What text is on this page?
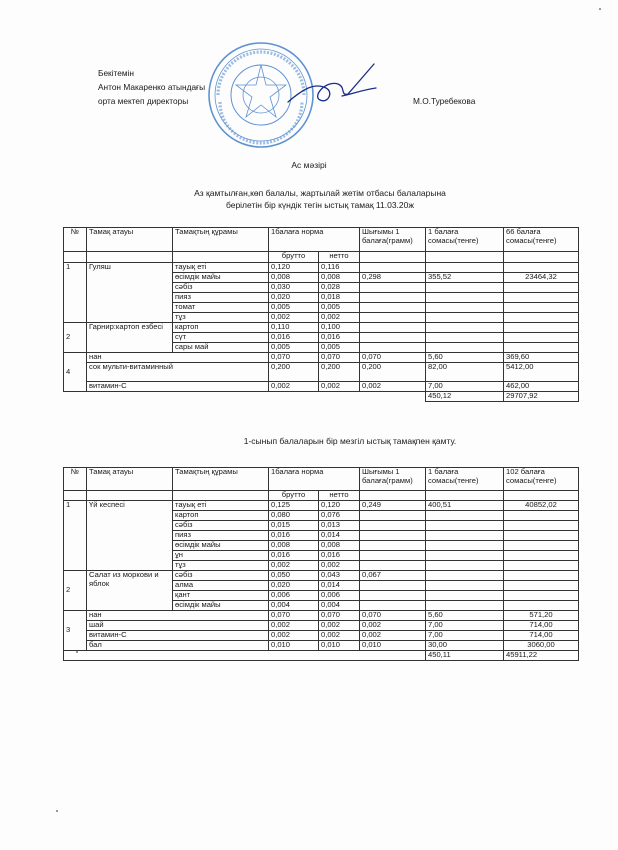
Бекітемін
Антон Макаренко атындағы
орта мектеп директоры	М.О.Туребекова
Ас мәзірі
Аз қамтылған,көп балалы, жартылай жетім отбасы балаларына
берілетін бір күндік тегін ыстық тамақ 11.03.20ж
№	Тамақ атауы	Тамақтың құрамы	1балаға норма		Шығымы 1 балаға(грамм)	1 балаға сомасы(тенге)	66 балаға сомасы(тенге)
			брутто	нетто			
1	Гуляш	тауық еті	0,120	0,116			
		өсімдік майы	0,008	0,008	0,298	355,52	23464,32
		сәбіз	0,030	0,028			
		пияз	0,020	0,018			
		томат	0,005	0,005			
		тұз	0,002	0,002			
2	Гарнир:картоп езбесі	картоп	0,110	0,100			
		сүт	0,016	0,016			
		сары май	0,005	0,005			
4	нан		0,070	0,070	0,070	5,60	369,60
	сок мульти-витаминный		0,200	0,200	0,200	82,00	5412,00
	витамин-С		0,002	0,002	0,002	7,00	462,00
						450,12	29707,92
1-сынып балаларын бір мезгіл ыстық тамақпен қамту.
№	Тамақ атауы	Тамақтың құрамы	1балаға норма		Шығымы 1 балаға(грамм)	1 балаға сомасы(тенге)	102 балаға сомасы(тенге)
			брутто	нетто			
1	Үй кеспесі	тауық еті	0,125	0,120	0,249	400,51	40852,02
		картоп	0,080	0,076			
		сәбіз	0,015	0,013			
		пияз	0,016	0,014			
		өсімдік майы	0,008	0,008			
		ұн	0,016	0,016			
		тұз	0,002	0,002			
2	Салат из моркови и яблок	сәбіз	0,050	0,043	0,067		
		алма	0,020	0,014			
		қант	0,006	0,006			
		өсімдік майы	0,004	0,004			
3	нан		0,070	0,070	0,070	5,60	571,20
	шай		0,002	0,002	0,002	7,00	714,00
	витамин-С		0,002	0,002	0,002	7,00	714,00
	бал		0,010	0,010	0,010	30,00	3060,00
						450,11	45911,22
